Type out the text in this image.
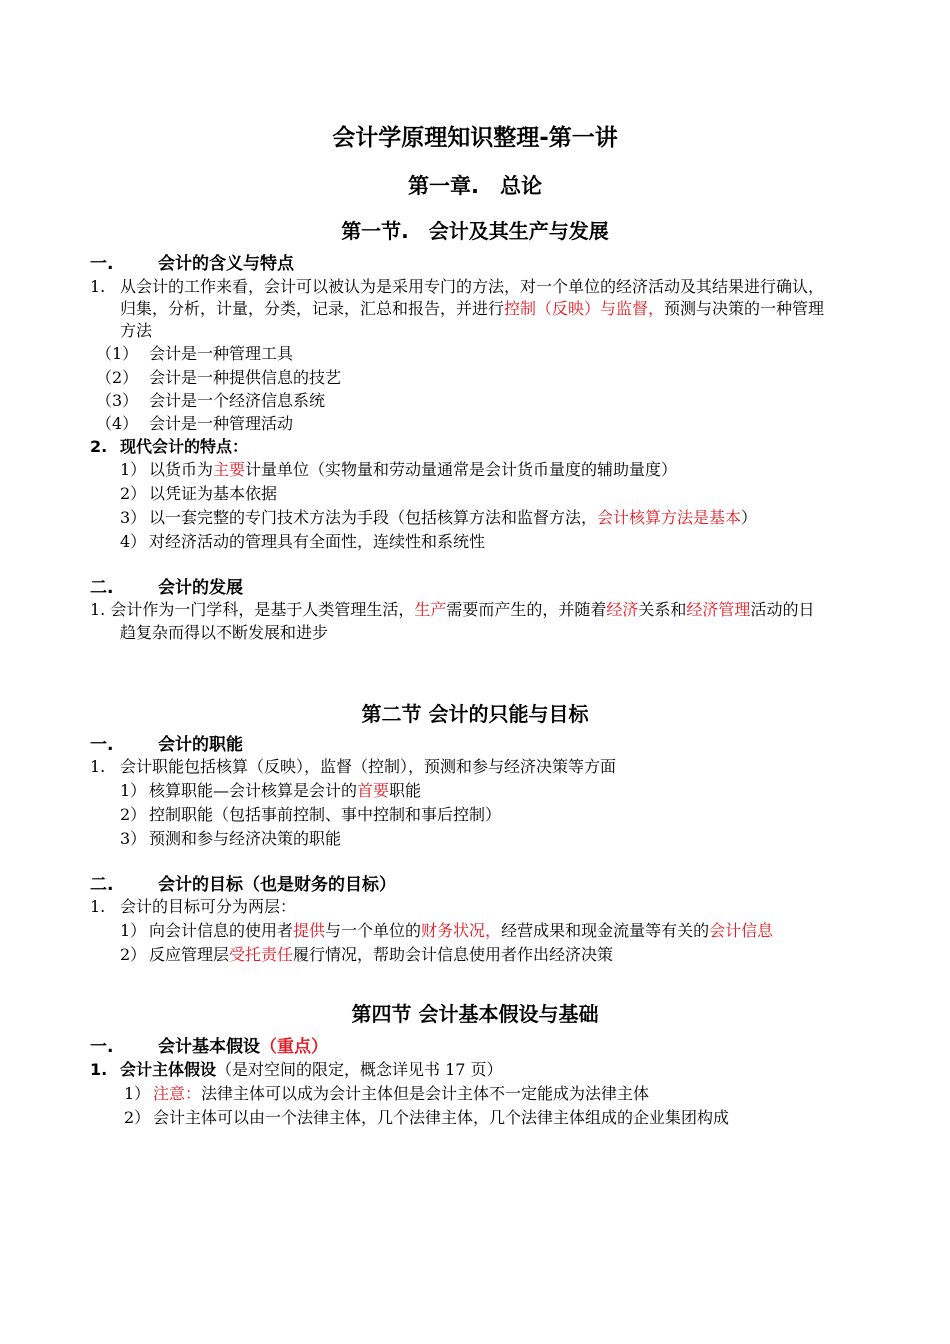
会计学原理知识整理-第一讲
第一章.　总论
第一节.　会计及其生产与发展
一.	会计的含义与特点
1. 从会计的工作来看，会计可以被认为是采用专门的方法，对一个单位的经济活动及其结果进行确认，
归集，分析，计量，分类，记录，汇总和报告，并进行控制（反映）与监督，预测与决策的一种管理
方法
（1） 会计是一种管理工具
（2） 会计是一种提供信息的技艺
（3） 会计是一个经济信息系统
（4） 会计是一种管理活动
2. 现代会计的特点：
1） 以货币为主要计量单位（实物量和劳动量通常是会计货币量度的辅助量度）
2） 以凭证为基本依据
3） 以一套完整的专门技术方法为手段（包括核算方法和监督方法，会计核算方法是基本）
4） 对经济活动的管理具有全面性，连续性和系统性
二.	会计的发展
1. 会计作为一门学科，是基于人类管理生活，生产需要而产生的，并随着经济关系和经济管理活动的日
趋复杂而得以不断发展和进步
第二节 会计的只能与目标
一.	会计的职能
1. 会计职能包括核算（反映），监督（控制），预测和参与经济决策等方面
1） 核算职能—会计核算是会计的首要职能
2） 控制职能（包括事前控制、事中控制和事后控制）
3） 预测和参与经济决策的职能
二.	会计的目标（也是财务的目标）
1. 会计的目标可分为两层：
1） 向会计信息的使用者提供与一个单位的财务状况，经营成果和现金流量等有关的会计信息
2） 反应管理层受托责任履行情况，帮助会计信息使用者作出经济决策
第四节 会计基本假设与基础
一.	会计基本假设（重点）
1. 会计主体假设（是对空间的限定，概念详见书 17 页）
1） 注意：法律主体可以成为会计主体但是会计主体不一定能成为法律主体
2） 会计主体可以由一个法律主体，几个法律主体，几个法律主体组成的企业集团构成
